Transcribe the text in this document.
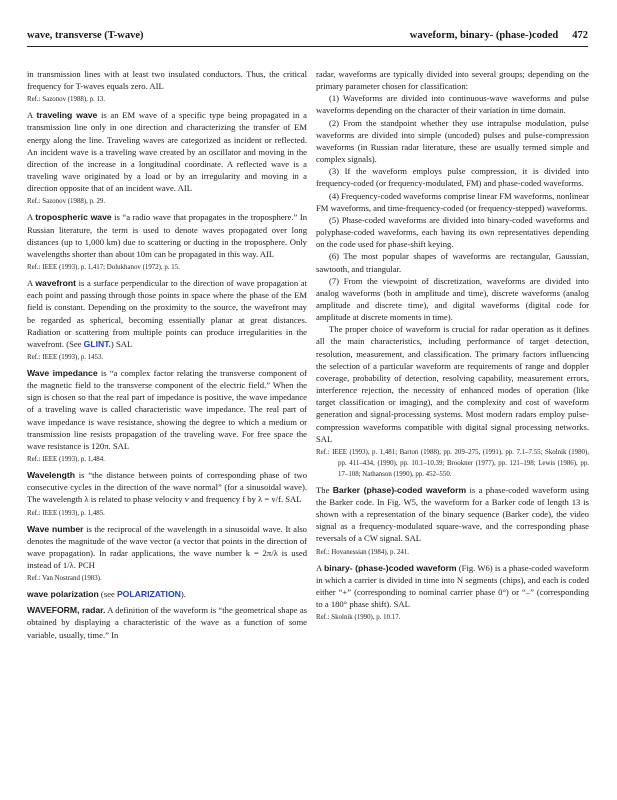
wave, transverse (T-wave)	waveform, binary- (phase-)coded 472

in transmission lines with at least two insulated conductors. Thus, the critical frequency for T-waves equals zero. AIL

Ref.: Sazonov (1988), p. 13.

A traveling wave is an EM wave of a specific type being propagated in a transmission line only in one direction and characterizing the transfer of EM energy along the line. Traveling waves are categorized as incident or reflected. An incident wave is a traveling wave created by an oscillator and moving in the direction of the increase in a longitudinal coordinate. A reflected wave is a traveling wave originated by a load or by an irregularity and moving in a direction opposite that of an incident wave. AIL

Ref.: Sazonov (1988), p. 29.

A tropospheric wave is “a radio wave that propagates in the troposphere.” In Russian literature, the term is used to denote waves propagated over long distances (up to 1,000 km) due to scattering or ducting in the troposphere. Only wavelengths shorter than about 10m can be propagated in this way. AIL

Ref.: IEEE (1993), p. 1,417; Dolukhanov (1972), p. 15.

A wavefront is a surface perpendicular to the direction of wave propagation at each point and passing through those points in space where the phase of the EM field is constant. Depending on the proximity to the source, the wavefront may be regarded as spherical, becoming essentially planar at great distances. Radiation or scattering from multiple points can produce irregularities in the wavefront. (See GLINT.) SAL

Ref.: IEEE (1993), p. 1453.

Wave impedance is “a complex factor relating the transverse component of the magnetic field to the transverse component of the electric field.” When the sign is chosen so that the real part of impedance is positive, the wave impedance of a traveling wave is called characteristic wave impedance. The real part of wave impedance is wave resistance, showing the degree to which a medium or transmission line resists propagation of the traveling wave. For free space the wave resistance is 120π. SAL

Ref.: IEEE (1993), p. 1,484.

Wavelength is “the distance between points of corresponding phase of two consecutive cycles in the direction of the wave normal” (for a sinusoidal wave). The wavelength λ is related to phase velocity v and frequency f by λ = v/f. SAL

Ref.: IEEE (1993), p. 1,485.

Wave number is the reciprocal of the wavelength in a sinusoidal wave. It also denotes the magnitude of the wave vector (a vector that points in the direction of wave propagation). In radar applications, the wave number k = 2π/λ is used instead of 1/λ. PCH

Ref.: Van Nostrand (1983).

wave polarization (see POLARIZATION).

WAVEFORM, radar. A definition of the waveform is “the geometrical shape as obtained by displaying a characteristic of the wave as a function of some variable, usually, time.” In

radar, waveforms are typically divided into several groups; depending on the primary parameter chosen for classification:

(1) Waveforms are divided into continuous-wave waveforms and pulse waveforms depending on the character of their variation in time domain.

(2) From the standpoint whether they use intrapulse modulation, pulse waveforms are divided into simple (uncoded) pulses and pulse-compression waveforms (in Russian radar literature, these are usually termed simple and complex signals).

(3) If the waveform employs pulse compression, it is divided into frequency-coded (or frequency-modulated, FM) and phase-coded waveforms.

(4) Frequency-coded waveforms comprise linear FM waveforms, nonlinear FM waveforms, and time-frequency-coded (or frequency-stepped) waveforms.

(5) Phase-coded waveforms are divided into binary-coded waveforms and polyphase-coded waveforms, each having its own representatives depending on the code used for phase-shift keying.

(6) The most popular shapes of waveforms are rectangular, Gaussian, sawtooth, and triangular.

(7) From the viewpoint of discretization, waveforms are divided into analog waveforms (both in amplitude and time), discrete waveforms (analog amplitude and discrete time), and digital waveforms (digital code for amplitude at discrete moments in time).

The proper choice of waveform is crucial for radar operation as it defines all the main characteristics, including performance of target detection, resolution, measurement, and classification. The primary factors influencing the selection of a particular waveform are requirements of range and doppler coverage, probability of detection, resolving capability, measurement errors, interference rejection, the necessity of enhanced modes of operation (like target classification or imaging), and the complexity and cost of waveform generation and signal-processing systems. Most modern radars employ pulse-compression waveforms compatible with digital signal processing networks. SAL

Ref.: IEEE (1993), p. 1,481; Barton (1988), pp. 209–275, (1991), pp. 7.1–7.55; Skolnik (1980), pp. 411–434, (1990), pp. 10.1–10.39; Brookner (1977), pp. 121–198; Lewis (1986), pp. 17–108; Nathanson (1990), pp. 452–550.

The Barker (phase)-coded waveform is a phase-coded waveform using the Barker code. In Fig. W5, the waveform for a Barker code of length 13 is shown with a representation of the binary sequence (Barker code), the video signal as a frequency-modulated square-wave, and the corresponding phase reversals of a CW signal. SAL

Ref.: Hovanessian (1984), p. 241.

A binary- (phase-)coded waveform (Fig. W6) is a phase-coded waveform in which a carrier is divided in time into N segments (chips), and each is coded either “+” (corresponding to nominal carrier phase 0°) or “–” (corresponding to a 180° phase shift). SAL

Ref.: Skolnik (1990), p. 10.17.
